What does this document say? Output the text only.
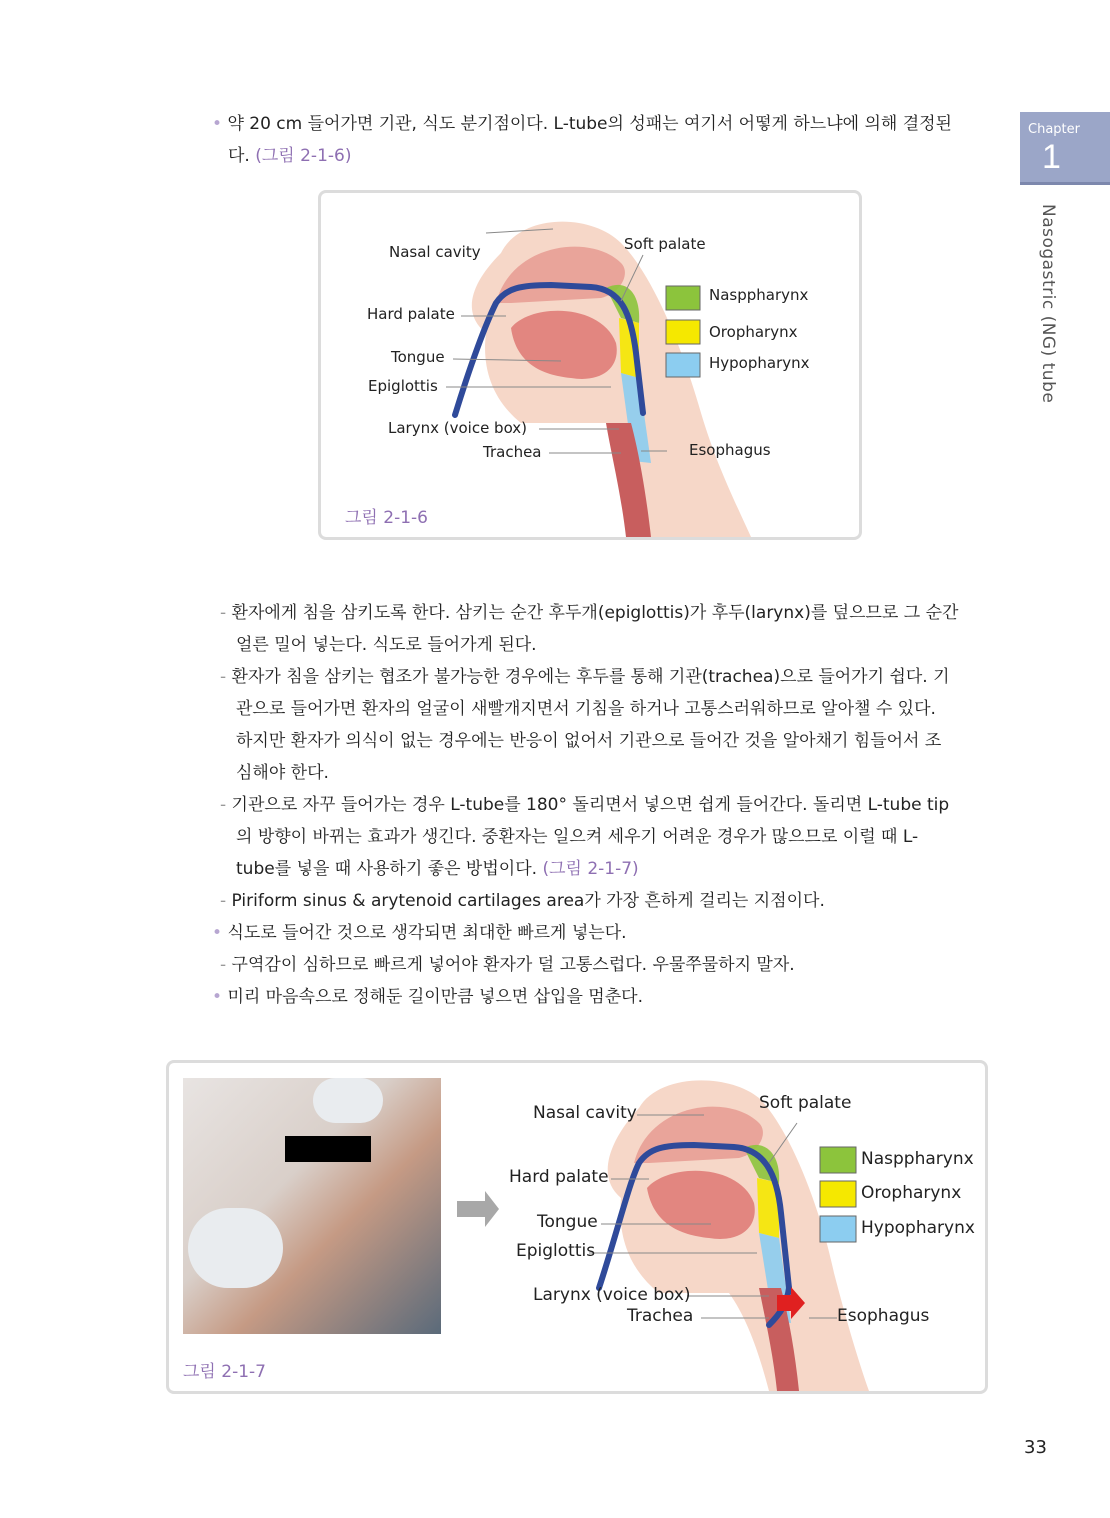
Chapter
1
Nasogastric (NG) tube
• 약 20 cm 들어가면 기관, 식도 분기점이다. L-tube의 성패는 여기서 어떻게 하느냐에 의해 결정된
다. (그림 2-1-6)
Nasal cavity	Soft palate
Hard palate
Tongue
Epiglottis
Larynx (voice box)
Trachea	Esophagus
Nasppharynx
Oropharynx
Hypopharynx
그림 2-1-6
- 환자에게 침을 삼키도록 한다. 삼키는 순간 후두개(epiglottis)가 후두(larynx)를 덮으므로 그 순간
얼른 밀어 넣는다. 식도로 들어가게 된다.
- 환자가 침을 삼키는 협조가 불가능한 경우에는 후두를 통해 기관(trachea)으로 들어가기 쉽다. 기
관으로 들어가면 환자의 얼굴이 새빨개지면서 기침을 하거나 고통스러워하므로 알아챌 수 있다.
하지만 환자가 의식이 없는 경우에는 반응이 없어서 기관으로 들어간 것을 알아채기 힘들어서 조
심해야 한다.
- 기관으로 자꾸 들어가는 경우 L-tube를 180° 돌리면서 넣으면 쉽게 들어간다. 돌리면 L-tube tip
의 방향이 바뀌는 효과가 생긴다. 중환자는 일으켜 세우기 어려운 경우가 많으므로 이럴 때 L-
tube를 넣을 때 사용하기 좋은 방법이다. (그림 2-1-7)
- Piriform sinus & arytenoid cartilages area가 가장 흔하게 걸리는 지점이다.
• 식도로 들어간 것으로 생각되면 최대한 빠르게 넣는다.
- 구역감이 심하므로 빠르게 넣어야 환자가 덜 고통스럽다. 우물쭈물하지 말자.
• 미리 마음속으로 정해둔 길이만큼 넣으면 삽입을 멈춘다.
Nasal cavity	Soft palate
Hard palate
Tongue
Epiglottis
Larynx (voice box)
Trachea	Esophagus
Nasppharynx
Oropharynx
Hypopharynx
그림 2-1-7
33
